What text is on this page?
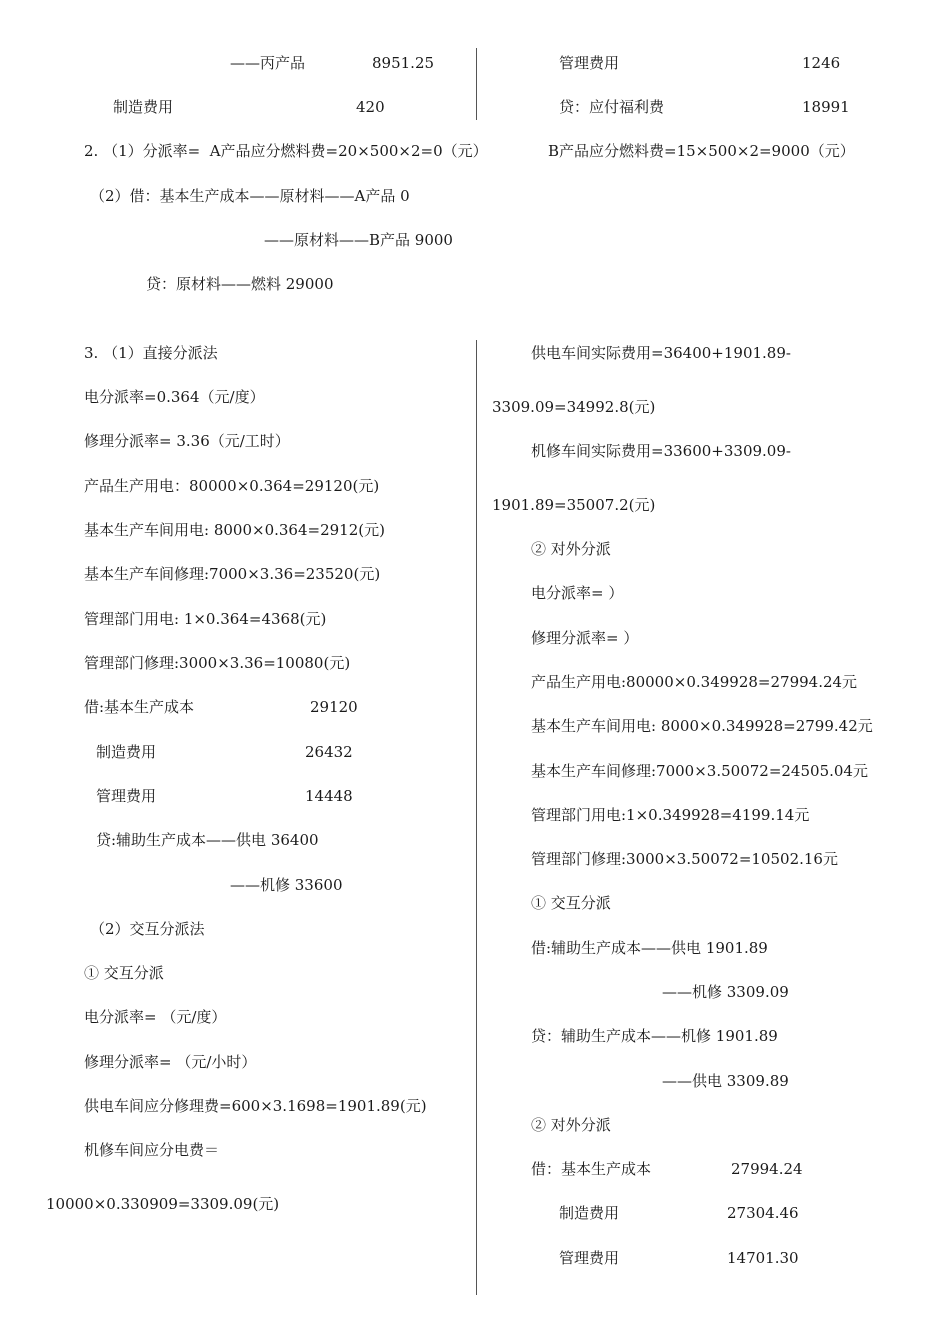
——丙产品	8951.25
制造费用	420
管理费用	1246
贷：应付福利费	18991
2. （1）分派率=  A产品应分燃料费=20×500×2=0（元）	B产品应分燃料费=15×500×2=9000（元）
（2）借：基本生产成本——原材料——A产品 0
——原材料——B产品 9000
贷：原材料——燃料 29000
3. （1）直接分派法
电分派率=0.364（元/度）
修理分派率= 3.36（元/工时）
产品生产用电：80000×0.364=29120(元)
基本生产车间用电: 8000×0.364=2912(元)
基本生产车间修理:7000×3.36=23520(元)
管理部门用电: 1×0.364=4368(元)
管理部门修理:3000×3.36=10080(元)
借:基本生产成本	29120
制造费用	26432
管理费用	14448
贷:辅助生产成本——供电 36400
——机修 33600
（2）交互分派法
① 交互分派
电分派率= （元/度）
修理分派率= （元/小时）
供电车间应分修理费=600×3.1698=1901.89(元)
机修车间应分电费＝
10000×0.330909=3309.09(元)
供电车间实际费用=36400+1901.89-
3309.09=34992.8(元)
机修车间实际费用=33600+3309.09-
1901.89=35007.2(元)
② 对外分派
电分派率= ）
修理分派率= ）
产品生产用电:80000×0.349928=27994.24元
基本生产车间用电: 8000×0.349928=2799.42元
基本生产车间修理:7000×3.50072=24505.04元
管理部门用电:1×0.349928=4199.14元
管理部门修理:3000×3.50072=10502.16元
① 交互分派
借:辅助生产成本——供电 1901.89
——机修 3309.09
贷：辅助生产成本——机修 1901.89
——供电 3309.89
② 对外分派
借：基本生产成本	27994.24
制造费用	27304.46
管理费用	14701.30
